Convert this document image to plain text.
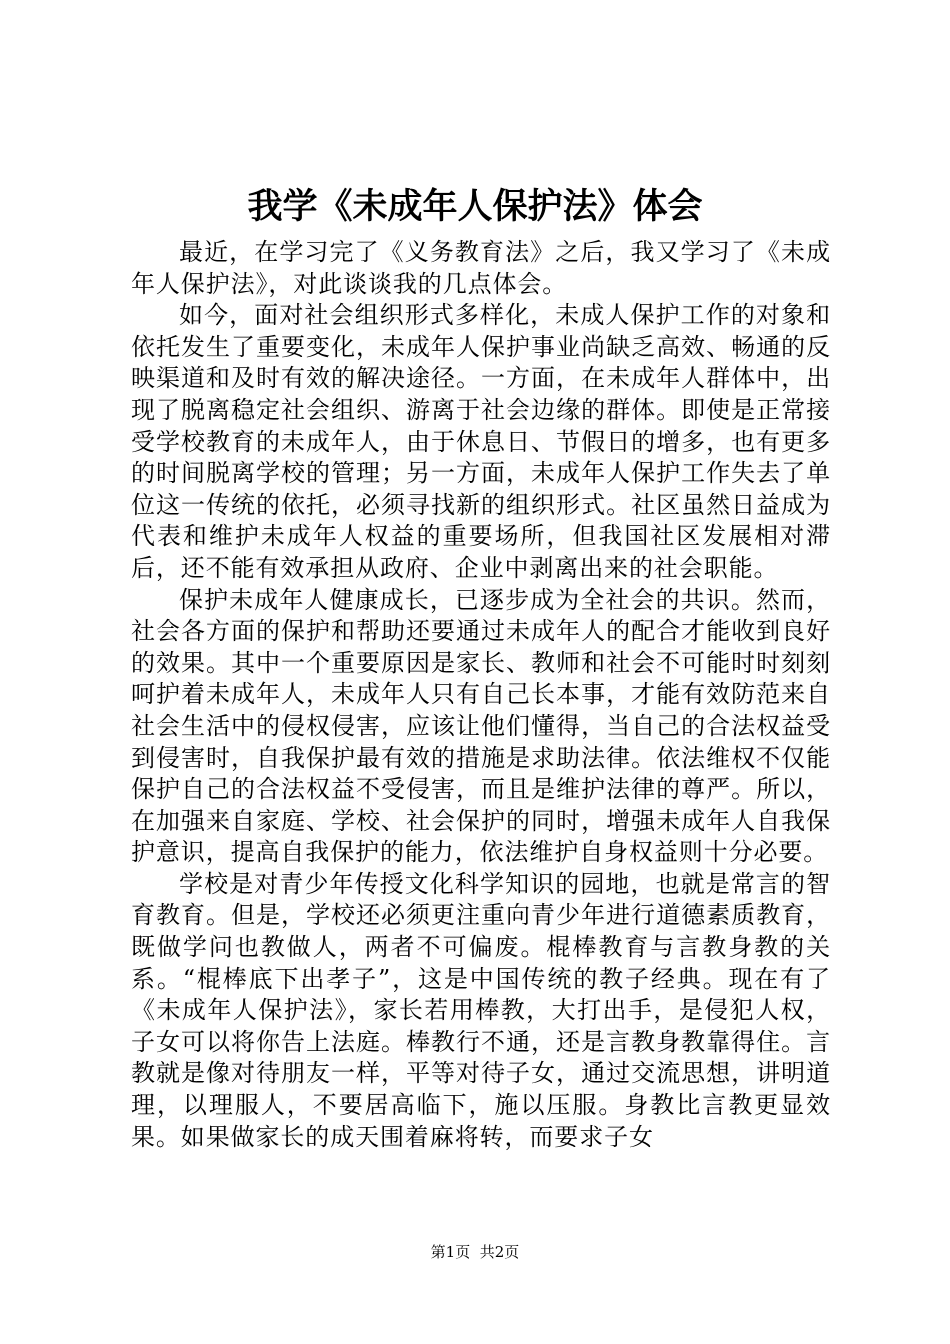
我学《未成年人保护法》体会

最近，在学习完了《义务教育法》之后，我又学习了《未成年人保护法》，对此谈谈我的几点体会。

如今，面对社会组织形式多样化，未成人保护工作的对象和依托发生了重要变化，未成年人保护事业尚缺乏高效、畅通的反映渠道和及时有效的解决途径。一方面，在未成年人群体中，出现了脱离稳定社会组织、游离于社会边缘的群体。即使是正常接受学校教育的未成年人，由于休息日、节假日的增多，也有更多的时间脱离学校的管理；另一方面，未成年人保护工作失去了单位这一传统的依托，必须寻找新的组织形式。社区虽然日益成为代表和维护未成年人权益的重要场所，但我国社区发展相对滞后，还不能有效承担从政府、企业中剥离出来的社会职能。

保护未成年人健康成长，已逐步成为全社会的共识。然而，社会各方面的保护和帮助还要通过未成年人的配合才能收到良好的效果。其中一个重要原因是家长、教师和社会不可能时时刻刻呵护着未成年人，未成年人只有自己长本事，才能有效防范来自社会生活中的侵权侵害，应该让他们懂得，当自己的合法权益受到侵害时，自我保护最有效的措施是求助法律。依法维权不仅能保护自己的合法权益不受侵害，而且是维护法律的尊严。所以，在加强来自家庭、学校、社会保护的同时，增强未成年人自我保护意识，提高自我保护的能力，依法维护自身权益则十分必要。

学校是对青少年传授文化科学知识的园地，也就是常言的智育教育。但是，学校还必须更注重向青少年进行道德素质教育，既做学问也教做人，两者不可偏废。棍棒教育与言教身教的关系。“棍棒底下出孝子”，这是中国传统的教子经典。现在有了《未成年人保护法》，家长若用棒教，大打出手，是侵犯人权，子女可以将你告上法庭。棒教行不通，还是言教身教靠得住。言教就是像对待朋友一样，平等对待子女，通过交流思想，讲明道理，以理服人，不要居高临下，施以压服。身教比言教更显效果。如果做家长的成天围着麻将转，而要求子女

第1页 共2页
